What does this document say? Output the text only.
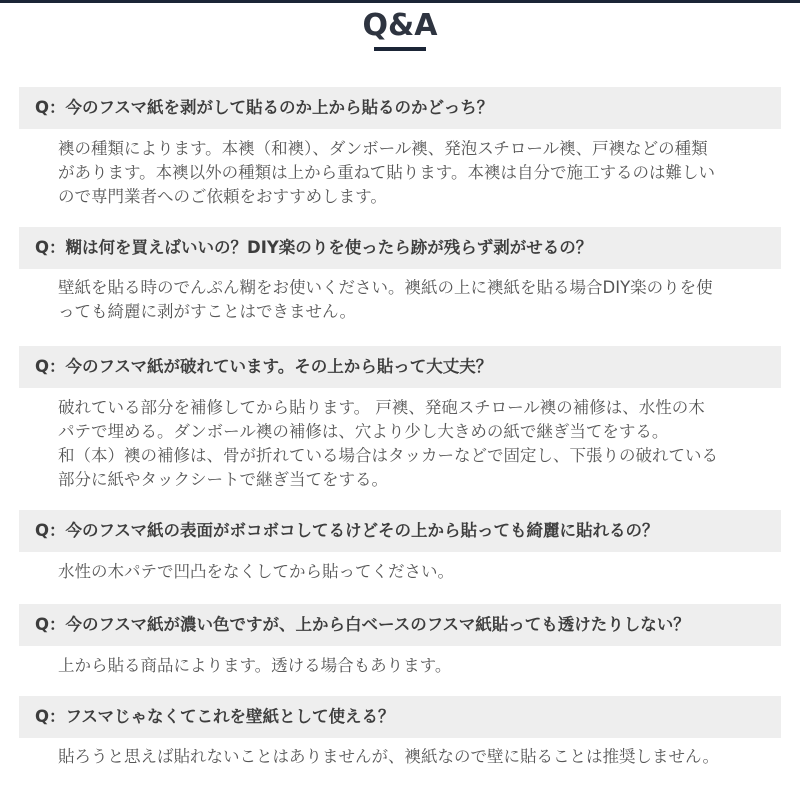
Q&A
Q：今のフスマ紙を剥がして貼るのか上から貼るのかどっち？
襖の種類によります。本襖（和襖）、ダンボール襖、発泡スチロール襖、戸襖などの種類
があります。本襖以外の種類は上から重ねて貼ります。本襖は自分で施工するのは難しい
ので専門業者へのご依頼をおすすめします。
Q：糊は何を買えばいいの？DIY楽のりを使ったら跡が残らず剥がせるの？
壁紙を貼る時のでんぷん糊をお使いください。襖紙の上に襖紙を貼る場合DIY楽のりを使
っても綺麗に剥がすことはできません。
Q：今のフスマ紙が破れています。その上から貼って大丈夫？
破れている部分を補修してから貼ります。 戸襖、発砲スチロール襖の補修は、水性の木
パテで埋める。ダンボール襖の補修は、穴より少し大きめの紙で継ぎ当てをする。
和（本）襖の補修は、骨が折れている場合はタッカーなどで固定し、下張りの破れている
部分に紙やタックシートで継ぎ当てをする。
Q：今のフスマ紙の表面がボコボコしてるけどその上から貼っても綺麗に貼れるの？
水性の木パテで凹凸をなくしてから貼ってください。
Q：今のフスマ紙が濃い色ですが、上から白ベースのフスマ紙貼っても透けたりしない？
上から貼る商品によります。透ける場合もあります。
Q：フスマじゃなくてこれを壁紙として使える？
貼ろうと思えば貼れないことはありませんが、襖紙なので壁に貼ることは推奨しません。
